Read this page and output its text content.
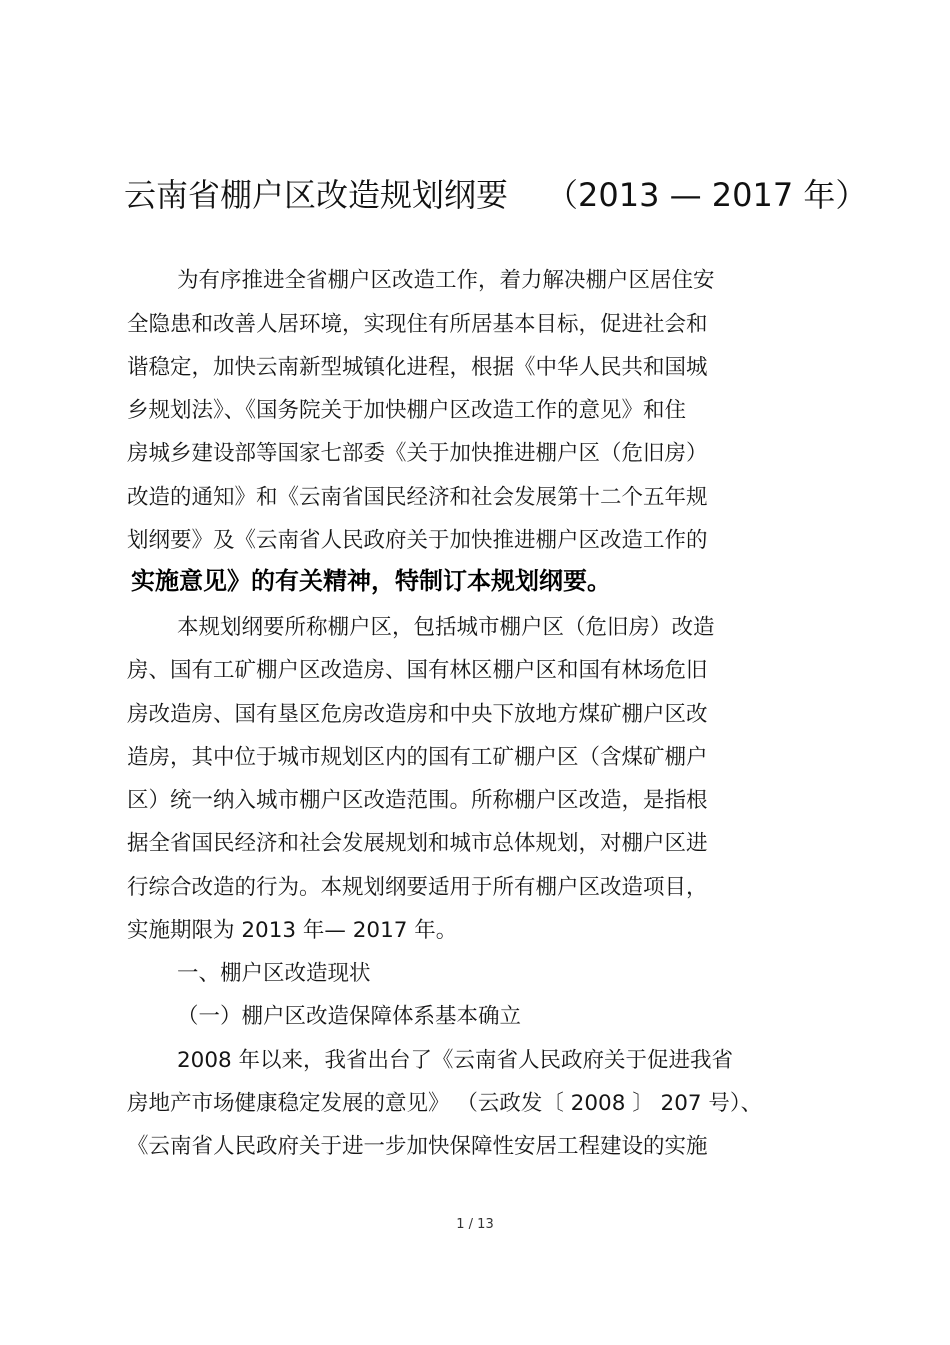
云南省棚户区改造规划纲要 （2013 — 2017 年）
为有序推进全省棚户区改造工作，着力解决棚户区居住安
全隐患和改善人居环境，实现住有所居基本目标，促进社会和
谐稳定，加快云南新型城镇化进程，根据《中华人民共和国城
乡规划法》、《国务院关于加快棚户区改造工作的意见》和住
房城乡建设部等国家七部委《关于加快推进棚户区（危旧房）
改造的通知》和《云南省国民经济和社会发展第十二个五年规
划纲要》及《云南省人民政府关于加快推进棚户区改造工作的
实施意见》的有关精神，特制订本规划纲要。
本规划纲要所称棚户区，包括城市棚户区（危旧房）改造
房、国有工矿棚户区改造房、国有林区棚户区和国有林场危旧
房改造房、国有垦区危房改造房和中央下放地方煤矿棚户区改
造房，其中位于城市规划区内的国有工矿棚户区（含煤矿棚户
区）统一纳入城市棚户区改造范围。所称棚户区改造，是指根
据全省国民经济和社会发展规划和城市总体规划，对棚户区进
行综合改造的行为。本规划纲要适用于所有棚户区改造项目，
实施期限为 2013 年— 2017 年。
一、棚户区改造现状
（一）棚户区改造保障体系基本确立
2008 年以来，我省出台了《云南省人民政府关于促进我省
房地产市场健康稳定发展的意见》 （云政发〔 2008 〕 207 号）、
《云南省人民政府关于进一步加快保障性安居工程建设的实施
1 / 13
